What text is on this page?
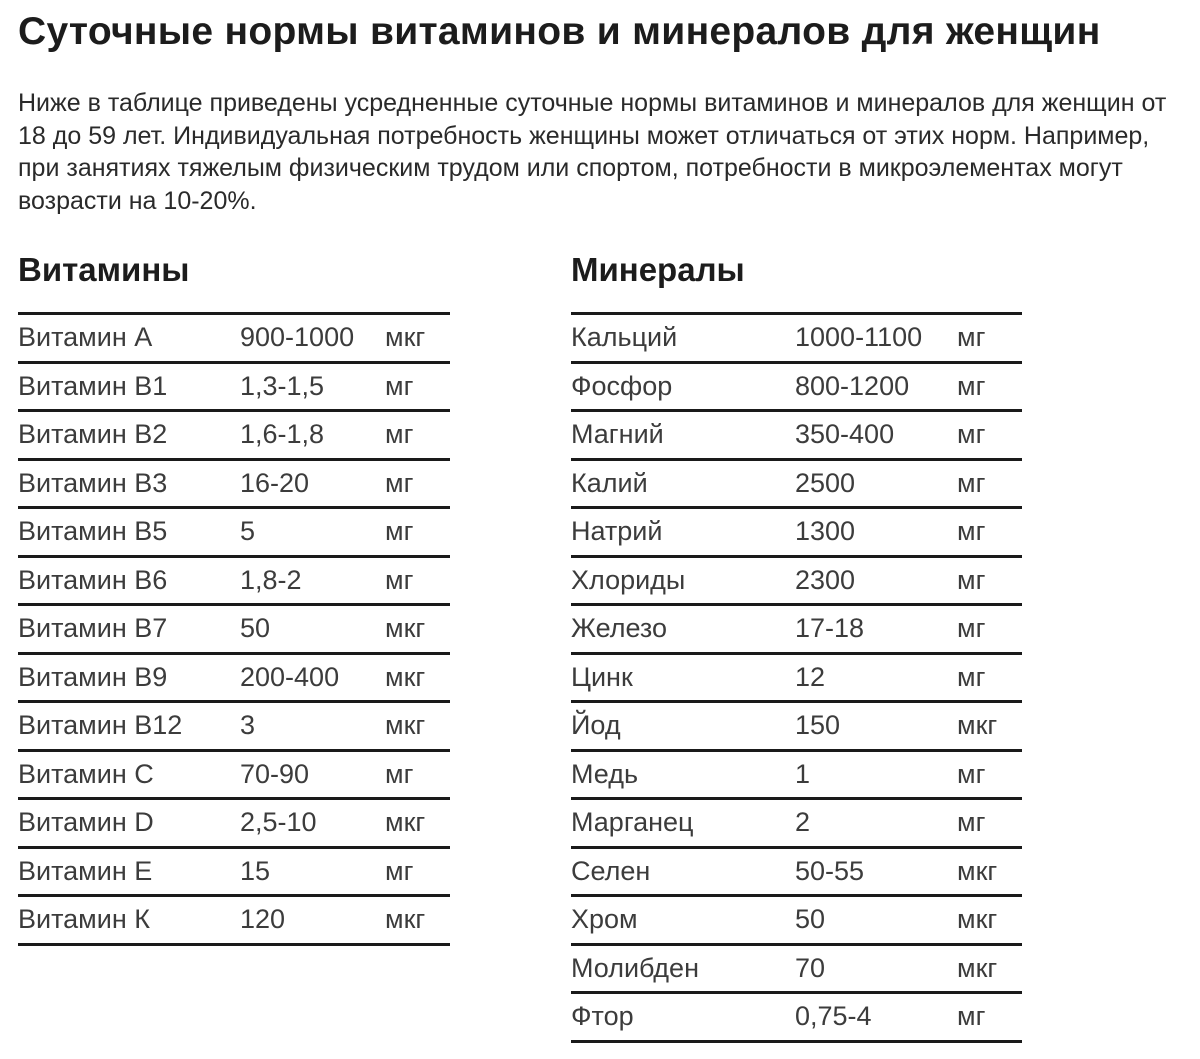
Суточные нормы витаминов и минералов для женщин

Ниже в таблице приведены усредненные суточные нормы витаминов и минералов для женщин от 18 до 59 лет. Индивидуальная потребность женщины может отличаться от этих норм. Например, при занятиях тяжелым физическим трудом или спортом, потребности в микроэлементах могут возрасти на 10-20%.

Витамины
Витамин А	900-1000	мкг
Витамин В1	1,3-1,5	мг
Витамин В2	1,6-1,8	мг
Витамин В3	16-20	мг
Витамин В5	5	мг
Витамин В6	1,8-2	мг
Витамин В7	50	мкг
Витамин В9	200-400	мкг
Витамин В12	3	мкг
Витамин С	70-90	мг
Витамин D	2,5-10	мкг
Витамин Е	15	мг
Витамин К	120	мкг
Минералы
Кальций	1000-1100	мг
Фосфор	800-1200	мг
Магний	350-400	мг
Калий	2500	мг
Натрий	1300	мг
Хлориды	2300	мг
Железо	17-18	мг
Цинк	12	мг
Йод	150	мкг
Медь	1	мг
Марганец	2	мг
Селен	50-55	мкг
Хром	50	мкг
Молибден	70	мкг
Фтор	0,75-4	мг
